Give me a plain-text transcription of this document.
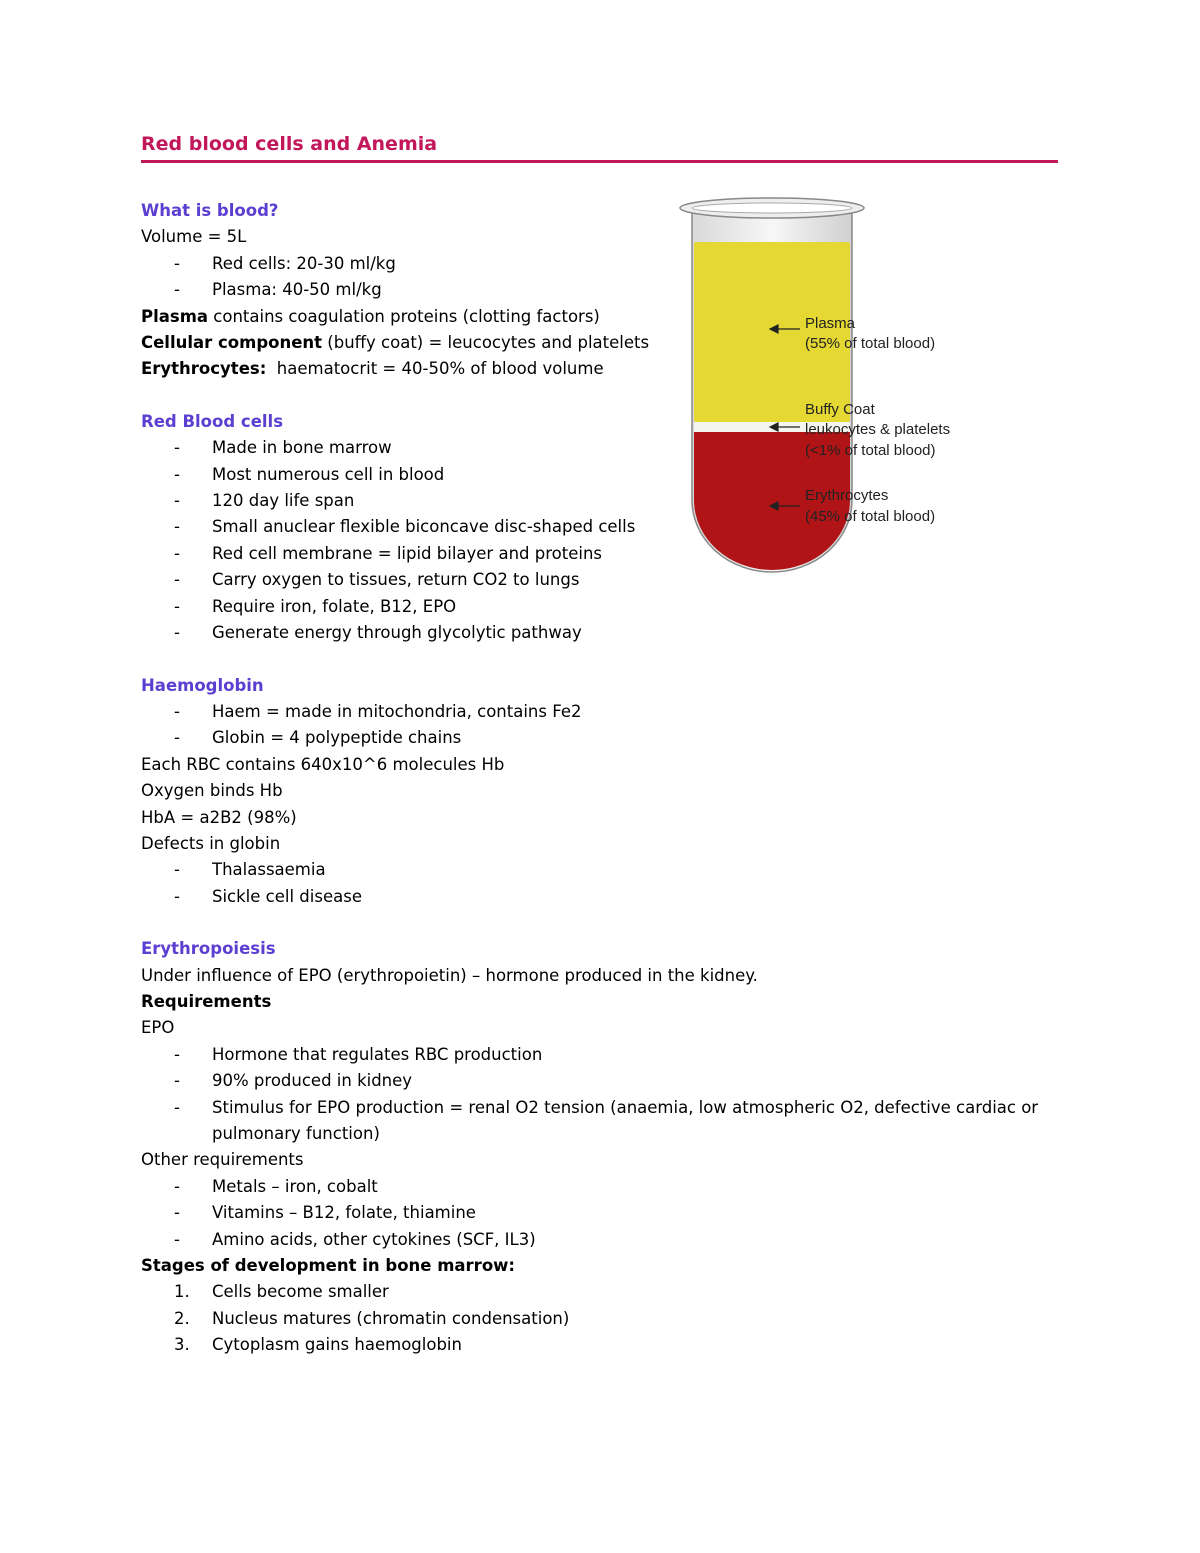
Red blood cells and Anemia
What is blood?
Volume = 5L
- Red cells: 20-30 ml/kg
- Plasma: 40-50 ml/kg
Plasma contains coagulation proteins (clotting factors)
Cellular component (buffy coat) = leucocytes and platelets
Erythrocytes:  haematocrit = 40-50% of blood volume
Red Blood cells
- Made in bone marrow
- Most numerous cell in blood
- 120 day life span
- Small anuclear flexible biconcave disc-shaped cells
- Red cell membrane = lipid bilayer and proteins
- Carry oxygen to tissues, return CO2 to lungs
- Require iron, folate, B12, EPO
- Generate energy through glycolytic pathway
Haemoglobin
- Haem = made in mitochondria, contains Fe2
- Globin = 4 polypeptide chains
Each RBC contains 640x10^6 molecules Hb
Oxygen binds Hb
HbA = a2B2 (98%)
Defects in globin
- Thalassaemia
- Sickle cell disease
Erythropoiesis
Under influence of EPO (erythropoietin) – hormone produced in the kidney.
Requirements
EPO
- Hormone that regulates RBC production
- 90% produced in kidney
- Stimulus for EPO production = renal O2 tension (anaemia, low atmospheric O2, defective cardiac or pulmonary function)
Other requirements
- Metals – iron, cobalt
- Vitamins – B12, folate, thiamine
- Amino acids, other cytokines (SCF, IL3)
Stages of development in bone marrow:
1. Cells become smaller
2. Nucleus matures (chromatin condensation)
3. Cytoplasm gains haemoglobin
Plasma
(55% of total blood)
Buffy Coat
leukocytes & platelets
(<1% of total blood)
Erythrocytes
(45% of total blood)
